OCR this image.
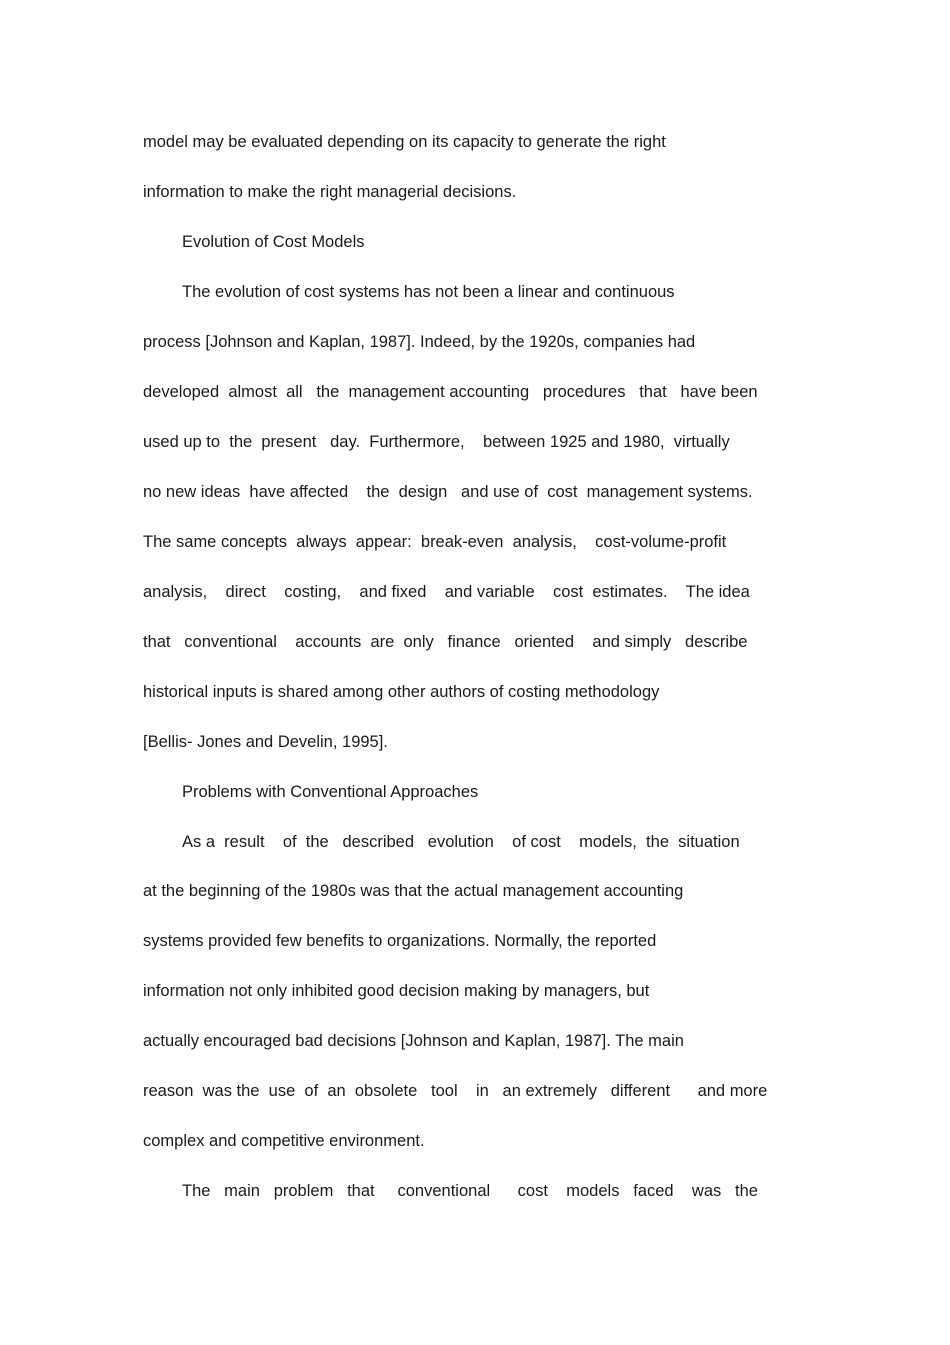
model may be evaluated depending on its capacity to generate the right

information to make the right managerial decisions.

Evolution of Cost Models

The evolution of cost systems has not been a linear and continuous

process [Johnson and Kaplan, 1987]. Indeed, by the 1920s, companies had

developed  almost  all   the  management accounting   procedures   that   have been

used up to  the  present   day.  Furthermore,    between 1925 and 1980,  virtually

no new ideas  have affected    the  design   and use of  cost  management systems.

The same concepts  always  appear:  break-even  analysis,    cost-volume-profit

analysis,    direct    costing,    and fixed    and variable    cost  estimates.    The idea

that   conventional    accounts  are  only   finance   oriented    and simply   describe

historical inputs is shared among other authors of costing methodology

[Bellis- Jones and Develin, 1995].

Problems with Conventional Approaches

As a  result    of  the   described   evolution    of cost    models,  the  situation

at the beginning of the 1980s was that the actual management accounting

systems provided few benefits to organizations. Normally, the reported

information not only inhibited good decision making by managers, but

actually encouraged bad decisions [Johnson and Kaplan, 1987]. The main

reason  was the  use  of  an  obsolete   tool    in   an extremely   different      and more

complex and competitive environment.

The   main   problem   that     conventional      cost    models   faced    was   the
